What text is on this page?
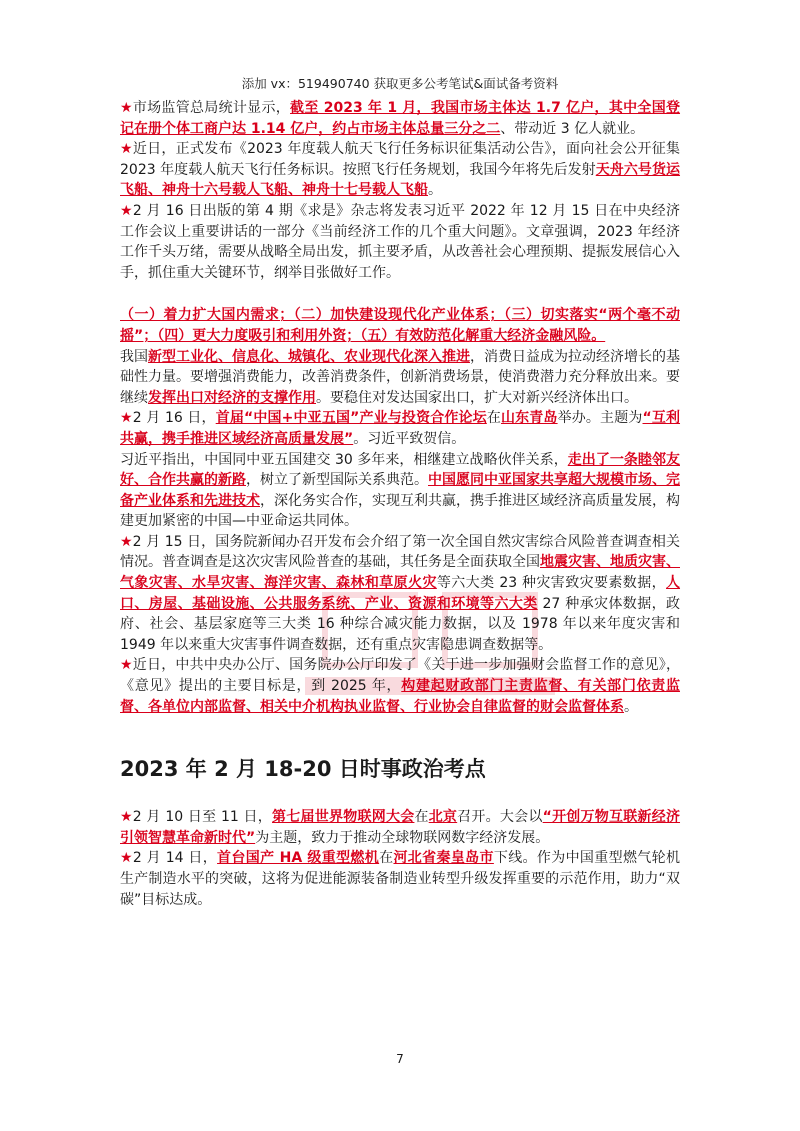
添加 vx：519490740 获取更多公考笔试&面试备考资料

★市场监管总局统计显示，截至 2023 年 1 月，我国市场主体达 1.7 亿户，其中全国登记在册个体工商户达 1.14 亿户，约占市场主体总量三分之二、带动近 3 亿人就业。

★近日，正式发布《2023 年度载人航天飞行任务标识征集活动公告》，面向社会公开征集 2023 年度载人航天飞行任务标识。按照飞行任务规划，我国今年将先后发射天舟六号货运飞船、神舟十六号载人飞船、神舟十七号载人飞船。

★2 月 16 日出版的第 4 期《求是》杂志将发表习近平 2022 年 12 月 15 日在中央经济工作会议上重要讲话的一部分《当前经济工作的几个重大问题》。文章强调，2023 年经济工作千头万绪，需要从战略全局出发，抓主要矛盾，从改善社会心理预期、提振发展信心入手，抓住重大关键环节，纲举目张做好工作。

（一）着力扩大国内需求；（二）加快建设现代化产业体系；（三）切实落实“两个毫不动摇”；（四）更大力度吸引和利用外资；（五）有效防范化解重大经济金融风险。

我国新型工业化、信息化、城镇化、农业现代化深入推进，消费日益成为拉动经济增长的基础性力量。要增强消费能力，改善消费条件，创新消费场景，使消费潜力充分释放出来。要继续发挥出口对经济的支撑作用。要稳住对发达国家出口，扩大对新兴经济体出口。

★2 月 16 日，首届“中国+中亚五国”产业与投资合作论坛在山东青岛举办。主题为“互利共赢，携手推进区域经济高质量发展”。习近平致贺信。

习近平指出，中国同中亚五国建交 30 多年来，相继建立战略伙伴关系，走出了一条睦邻友好、合作共赢的新路，树立了新型国际关系典范。中国愿同中亚国家共享超大规模市场、完备产业体系和先进技术，深化务实合作，实现互利共赢，携手推进区域经济高质量发展，构建更加紧密的中国—中亚命运共同体。

★2 月 15 日，国务院新闻办召开发布会介绍了第一次全国自然灾害综合风险普查调查相关情况。普查调查是这次灾害风险普查的基础，其任务是全面获取全国地震灾害、地质灾害、气象灾害、水旱灾害、海洋灾害、森林和草原火灾等六大类 23 种灾害致灾要素数据，人口、房屋、基础设施、公共服务系统、产业、资源和环境等六大类 27 种承灾体数据，政府、社会、基层家庭等三大类 16 种综合减灾能力数据，以及 1978 年以来年度灾害和 1949 年以来重大灾害事件调查数据，还有重点灾害隐患调查数据等。

★近日，中共中央办公厅、国务院办公厅印发了《关于进一步加强财会监督工作的意见》，《意见》提出的主要目标是，到 2025 年，构建起财政部门主责监督、有关部门依责监督、各单位内部监督、相关中介机构执业监督、行业协会自律监督的财会监督体系。

2023 年 2 月 18-20 日时事政治考点

★2 月 10 日至 11 日，第七届世界物联网大会在北京召开。大会以“开创万物互联新经济 引领智慧革命新时代”为主题，致力于推动全球物联网数字经济发展。

★2 月 14 日，首台国产 HA 级重型燃机在河北省秦皇岛市下线。作为中国重型燃气轮机生产制造水平的突破，这将为促进能源装备制造业转型升级发挥重要的示范作用，助力“双碳”目标达成。

7
